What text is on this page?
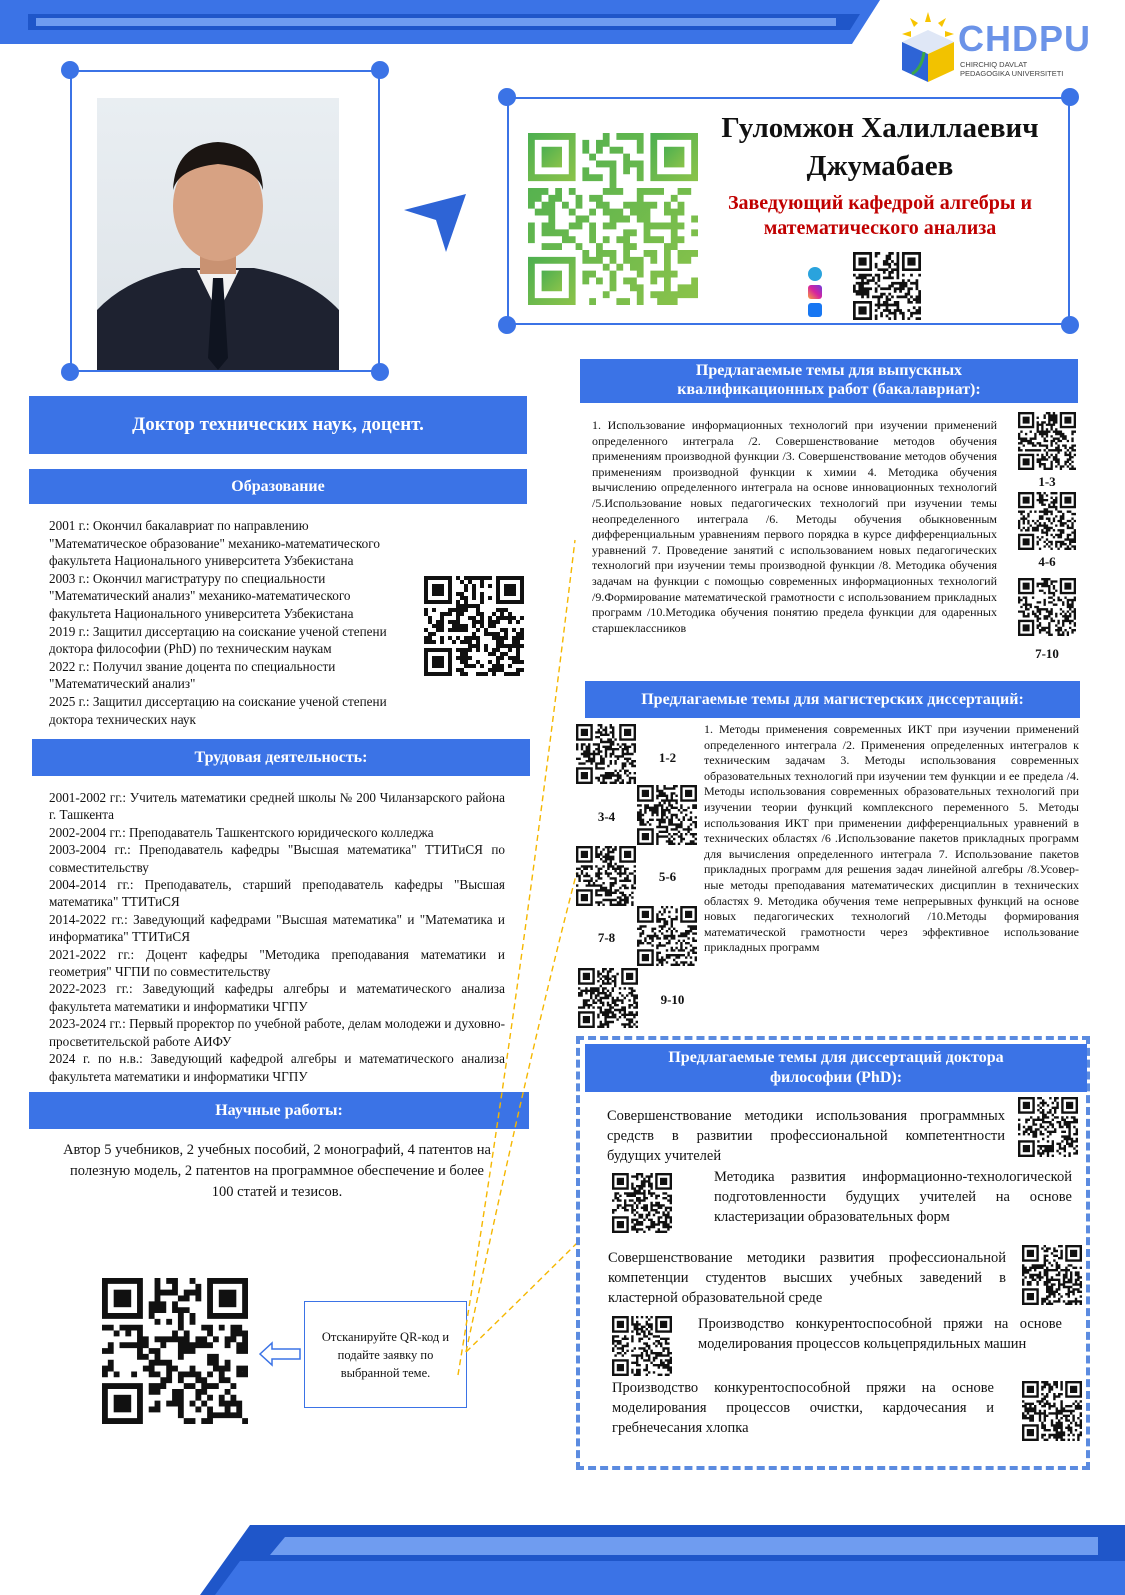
CHDPU
CHIRCHIQ DAVLAT
PEDAGOGIKA UNIVERSITETI
Гуломжон Халиллаевич
Джумабаев
Заведующий кафедрой алгебры и
математического анализа
Доктор технических наук, доцент.
Образование
2001 г.: Окончил бакалавриат по направлению
"Математическое образование" механико-математического
факультета Национального университета Узбекистана
2003 г.: Окончил магистратуру по специальности
"Математический анализ" механико-математического
факультета Национального университета Узбекистана
2019 г.: Защитил диссертацию на соискание ученой степени
доктора философии (PhD) по техническим наукам
2022 г.: Получил звание доцента по специальности
"Математический анализ"
2025 г.: Защитил диссертацию на соискание ученой степени
доктора технических наук
Трудовая деятельность:
2001-2002 гг.: Учитель математики средней школы № 200 Чиланзарского района г. Ташкента
2002-2004 гг.: Преподаватель Ташкентского юридического колледжа
2003-2004 гг.: Преподаватель кафедры "Высшая математика" ТТИТиСЯ по совместительству
2004-2014 гг.: Преподаватель, старший преподаватель кафедры "Высшая математика" ТТИТиСЯ
2014-2022 гг.: Заведующий кафедрами "Высшая математика" и "Математика и информатика" ТТИТиСЯ
2021-2022 гг.: Доцент кафедры "Методика преподавания математики и геометрия" ЧГПИ по совместительству
2022-2023 гг.: Заведующий кафедры алгебры и математического анализа факультета математики и информатики ЧГПУ
2023-2024 гг.: Первый проректор по учебной работе, делам молодежи и духовно-просветительской работе АИФУ
2024 г. по н.в.: Заведующий кафедрой алгебры и математического анализа факультета математики и информатики ЧГПУ
Научные работы:
Автор 5 учебников, 2 учебных пособий, 2 монографий, 4 патентов на полезную модель, 2 патентов на программное обеспечение и более 100 статей и тезисов.
Отсканируйте QR-код и подайте заявку по выбранной теме.
Предлагаемые темы для выпускных
квалификационных работ (бакалавриат):
1. Использование информационных технологий при изучении применений определенного интеграла /2. Совершенствование методов обучения применениям производной функции /3. Совершенствование методов обучения применениям производной функции к химии 4. Методика обучения вычислению определенного интеграла на основе инновационных технологий /5.Использование новых педагогических технологий при изучении темы неопределенного интеграла /6. Методы обучения обыкновенным дифференциальным уравнениям первого порядка в курсе дифференциальных уравнений 7. Проведение занятий с использованием новых педагогических технологий при изучении темы производной функции /8. Методика обучения задачам на функции с помощью современных информационных технологий /9.Формирование математической грамотности с использованием прикладных программ /10.Методика обучения понятию предела функции для одаренных старшеклассников
1-3
4-6
7-10
Предлагаемые темы для магистерских диссертаций:
1. Методы применения современных ИКТ при изучении применений определенного интеграла /2. Применения определенных интегралов к техническим задачам 3. Методы использования современных образовательных технологий при изучении тем функции и ее предела /4. Методы использования современных образовательных технологий при изучении теории функций комплексного переменного 5. Методы использования ИКТ при применении дифференциальных уравнений в технических областях /6 .Использование пакетов прикладных программ для вычисления определенного интеграла 7. Использование пакетов прикладных программ для решения задач линейной алгебры /8.Усовер-ные методы преподавания математических дисциплин в технических областях 9. Методика обучения теме непрерывных функций на основе новых педагогических технологий /10.Методы формирования математической грамотности через эффективное использование прикладных программ
1-2
3-4
5-6
7-8
9-10
Предлагаемые темы для диссертаций доктора
философии (PhD):
Совершенствование методики использования программных средств в развитии профессиональной компетентности будущих учителей
Методика развития информационно-технологической подготовленности будущих учителей на основе кластеризации образовательных форм
Совершенствование методики развития профессиональной компетенции студентов высших учебных заведений в кластерной образовательной среде
Производство конкурентоспособной пряжи на основе моделирования процессов кольцепрядильных машин
Производство конкурентоспособной пряжи на основе моделирования процессов очистки, кардочесания и гребнечесания хлопка
